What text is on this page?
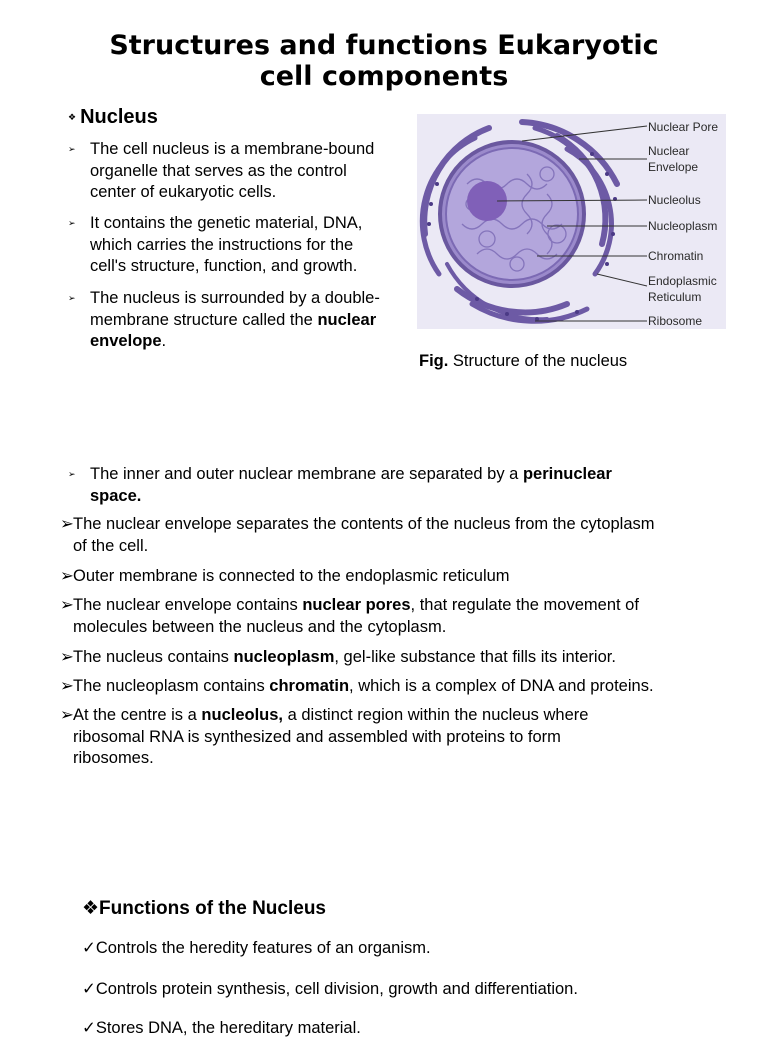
Structures and functions Eukaryotic
cell components
❖ Nucleus
➢ The cell nucleus is a membrane-bound
organelle that serves as the control
center of eukaryotic cells.
➢ It contains the genetic material, DNA,
which carries the instructions for the
cell's structure, function, and growth.
➢ The nucleus is surrounded by a double-
membrane structure called the nuclear
envelope.
Nuclear Pore
Nuclear
Envelope
Nucleolus
Nucleoplasm
Chromatin
Endoplasmic
Reticulum
Ribosome
Fig. Structure of the nucleus
➢ The inner and outer nuclear membrane are separated by a perinuclear
space.
➢The nuclear envelope separates the contents of the nucleus from the cytoplasm
of the cell.
➢Outer membrane is connected to the endoplasmic reticulum
➢The nuclear envelope contains nuclear pores, that regulate the movement of
molecules between the nucleus and the cytoplasm.
➢The nucleus contains nucleoplasm, gel-like substance that fills its interior.
➢The nucleoplasm contains chromatin, which is a complex of DNA and proteins.
➢At the centre is a nucleolus, a distinct region within the nucleus where
ribosomal RNA is synthesized and assembled with proteins to form
ribosomes.
❖Functions of the Nucleus
✓Controls the heredity features of an organism.
✓Controls protein synthesis, cell division, growth and differentiation.
✓Stores DNA, the hereditary material.
